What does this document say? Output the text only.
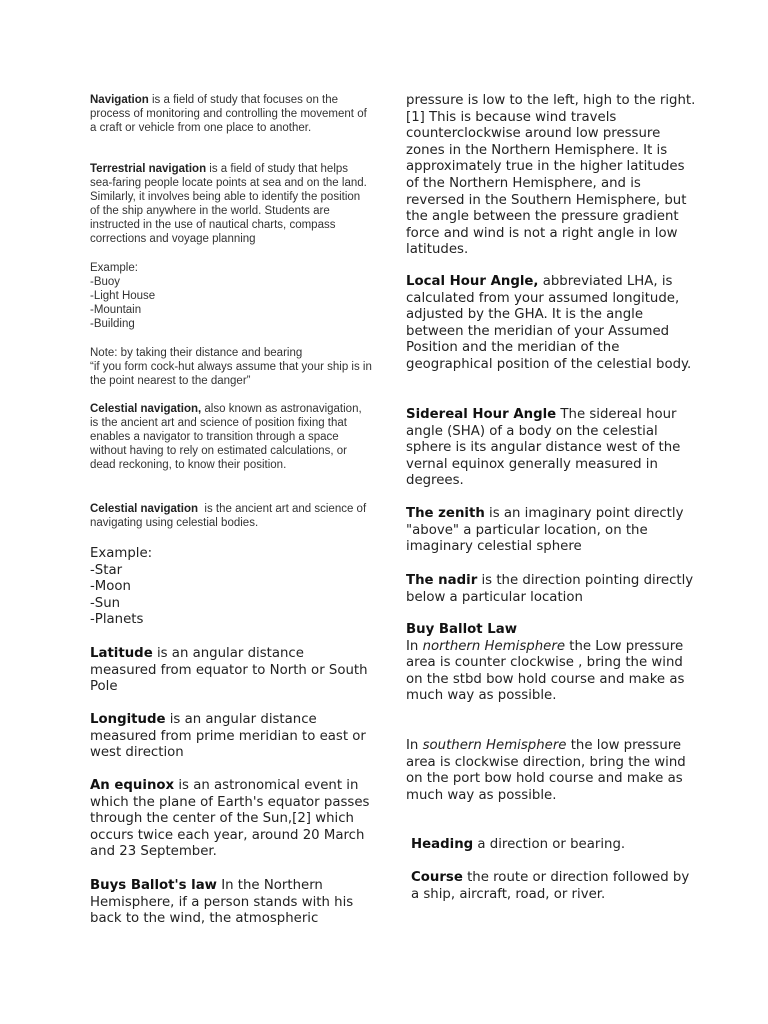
Navigation is a field of study that focuses on the process of monitoring and controlling the movement of a craft or vehicle from one place to another.

Terrestrial navigation is a field of study that helps sea-faring people locate points at sea and on the land. Similarly, it involves being able to identify the position of the ship anywhere in the world. Students are instructed in the use of nautical charts, compass corrections and voyage planning

Example:
-Buoy
-Light House
-Mountain
-Building
Note: by taking their distance and bearing
“if you form cock-hut always assume that your ship is in the point nearest to the danger”

Celestial navigation, also known as astronavigation, is the ancient art and science of position fixing that enables a navigator to transition through a space without having to rely on estimated calculations, or dead reckoning, to know their position.

Celestial navigation  is the ancient art and science of navigating using celestial bodies.

Example:
-Star
-Moon
-Sun
-Planets

Latitude is an angular distance measured from equator to North or South Pole

Longitude is an angular distance measured from prime meridian to east or west direction

An equinox is an astronomical event in which the plane of Earth's equator passes through the center of the Sun,[2] which occurs twice each year, around 20 March and 23 September.

Buys Ballot's law In the Northern Hemisphere, if a person stands with his back to the wind, the atmospheric

pressure is low to the left, high to the right.[1] This is because wind travels counterclockwise around low pressure zones in the Northern Hemisphere. It is approximately true in the higher latitudes of the Northern Hemisphere, and is reversed in the Southern Hemisphere, but the angle between the pressure gradient force and wind is not a right angle in low latitudes.

Local Hour Angle, abbreviated LHA, is calculated from your assumed longitude, adjusted by the GHA. It is the angle between the meridian of your Assumed Position and the meridian of the geographical position of the celestial body.

Sidereal Hour Angle The sidereal hour angle (SHA) of a body on the celestial sphere is its angular distance west of the vernal equinox generally measured in degrees.

The zenith is an imaginary point directly "above" a particular location, on the imaginary celestial sphere

The nadir is the direction pointing directly below a particular location

Buy Ballot Law
In northern Hemisphere the Low pressure area is counter clockwise , bring the wind on the stbd bow hold course and make as much way as possible.

In southern Hemisphere the low pressure area is clockwise direction, bring the wind on the port bow hold course and make as much way as possible.

Heading a direction or bearing.

Course the route or direction followed by a ship, aircraft, road, or river.
